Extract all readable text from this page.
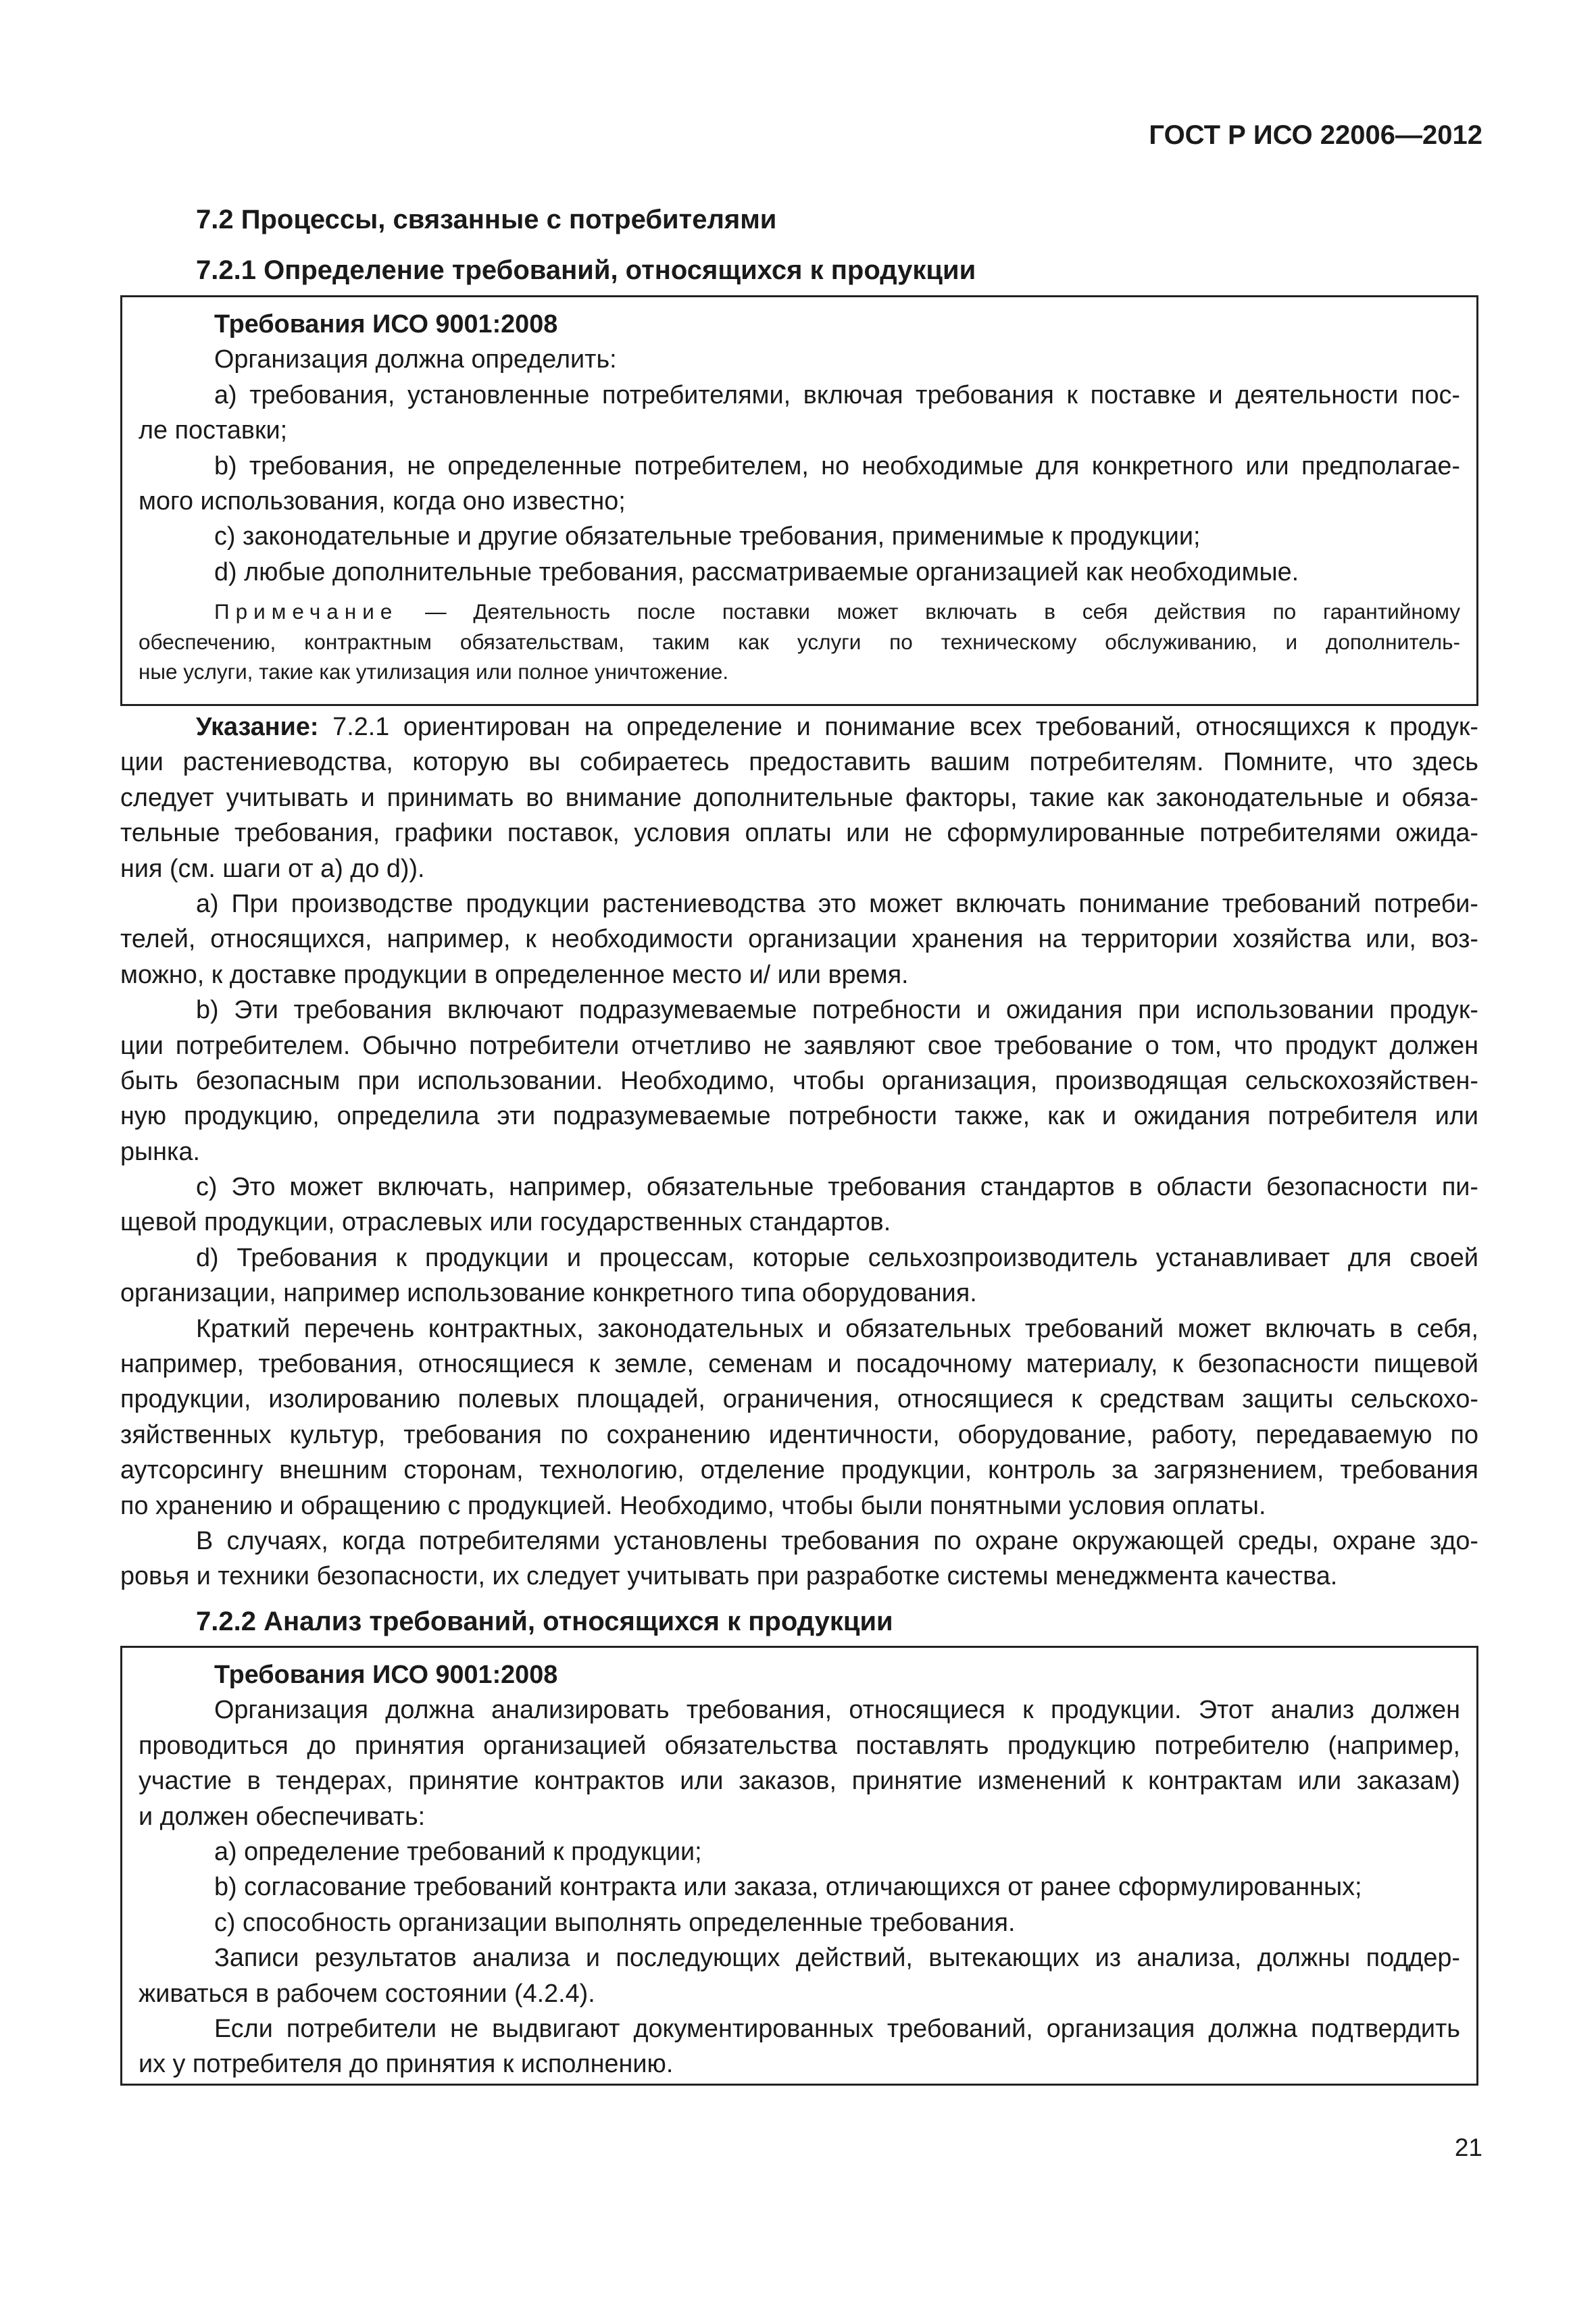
ГОСТ Р ИСО 22006—2012
7.2 Процессы, связанные с потребителями
7.2.1 Определение требований, относящихся к продукции
Требования ИСО 9001:2008
Организация должна определить:
a) требования, установленные потребителями, включая требования к поставке и деятельности пос-
ле поставки;
b) требования, не определенные потребителем, но необходимые для конкретного или предполагае-
мого использования, когда оно известно;
c) законодательные и другие обязательные требования, применимые к продукции;
d) любые дополнительные требования, рассматриваемые организацией как необходимые.
Примечание — Деятельность после поставки может включать в себя действия по гарантийному
обеспечению, контрактным обязательствам, таким как услуги по техническому обслуживанию, и дополнитель-
ные услуги, такие как утилизация или полное уничтожение.
Указание: 7.2.1 ориентирован на определение и понимание всех требований, относящихся к продук-
ции растениеводства, которую вы собираетесь предоставить вашим потребителям. Помните, что здесь
следует учитывать и принимать во внимание дополнительные факторы, такие как законодательные и обяза-
тельные требования, графики поставок, условия оплаты или не сформулированные потребителями ожида-
ния (см. шаги от а) до d)).
a) При производстве продукции растениеводства это может включать понимание требований потреби-
телей, относящихся, например, к необходимости организации хранения на территории хозяйства или, воз-
можно, к доставке продукции в определенное место и/ или время.
b) Эти требования включают подразумеваемые потребности и ожидания при использовании продук-
ции потребителем. Обычно потребители отчетливо не заявляют свое требование о том, что продукт должен
быть безопасным при использовании. Необходимо, чтобы организация, производящая сельскохозяйствен-
ную продукцию, определила эти подразумеваемые потребности также, как и ожидания потребителя или
рынка.
c) Это может включать, например, обязательные требования стандартов в области безопасности пи-
щевой продукции, отраслевых или государственных стандартов.
d) Требования к продукции и процессам, которые сельхозпроизводитель устанавливает для своей
организации, например использование конкретного типа оборудования.
Краткий перечень контрактных, законодательных и обязательных требований может включать в себя,
например, требования, относящиеся к земле, семенам и посадочному материалу, к безопасности пищевой
продукции, изолированию полевых площадей, ограничения, относящиеся к средствам защиты сельскохо-
зяйственных культур, требования по сохранению идентичности, оборудование, работу, передаваемую по
аутсорсингу внешним сторонам, технологию, отделение продукции, контроль за загрязнением, требования
по хранению и обращению с продукцией. Необходимо, чтобы были понятными условия оплаты.
В случаях, когда потребителями установлены требования по охране окружающей среды, охране здо-
ровья и техники безопасности, их следует учитывать при разработке системы менеджмента качества.
7.2.2 Анализ требований, относящихся к продукции
Требования ИСО 9001:2008
Организация должна анализировать требования, относящиеся к продукции. Этот анализ должен
проводиться до принятия организацией обязательства поставлять продукцию потребителю (например,
участие в тендерах, принятие контрактов или заказов, принятие изменений к контрактам или заказам)
и должен обеспечивать:
a) определение требований к продукции;
b) согласование требований контракта или заказа, отличающихся от ранее сформулированных;
c) способность организации выполнять определенные требования.
Записи результатов анализа и последующих действий, вытекающих из анализа, должны поддер-
живаться в рабочем состоянии (4.2.4).
Если потребители не выдвигают документированных требований, организация должна подтвердить
их у потребителя до принятия к исполнению.
21
